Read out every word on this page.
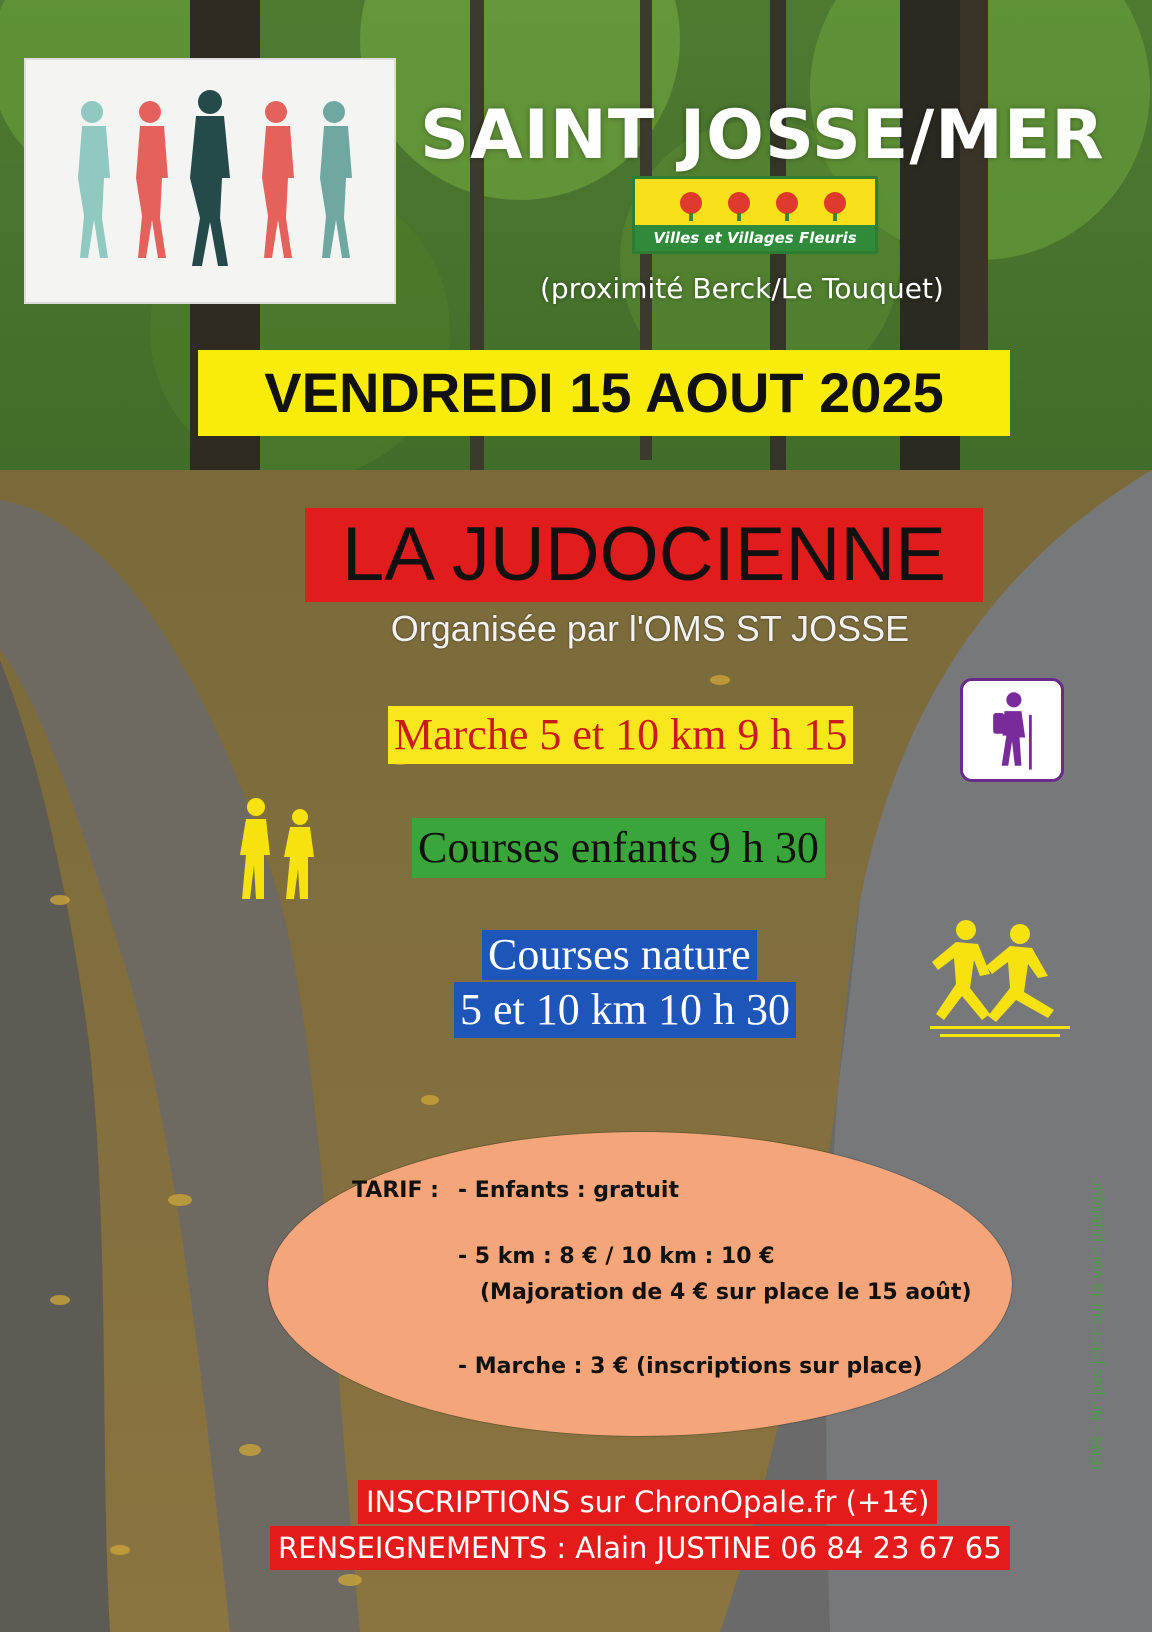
SAINT JOSSE/MER
Villes et Villages Fleuris
(proximité Berck/Le Touquet)
VENDREDI 15 AOUT 2025
LA JUDOCIENNE
Organisée par l'OMS ST JOSSE
Marche 5 et 10 km 9 h 15
Courses enfants 9 h 30
Courses nature
5 et 10 km 10 h 30
TARIF : - Enfants : gratuit
- 5 km : 8 € / 10 km : 10 €
(Majoration de 4 € sur place le 15 août)
- Marche : 3 € (inscriptions sur place)
INSCRIPTIONS sur ChronOpale.fr (+1€)
RENSEIGNEMENTS : Alain JUSTINE 06 84 23 67 65
IPNS - Ne pas jeter sur la voie publique
